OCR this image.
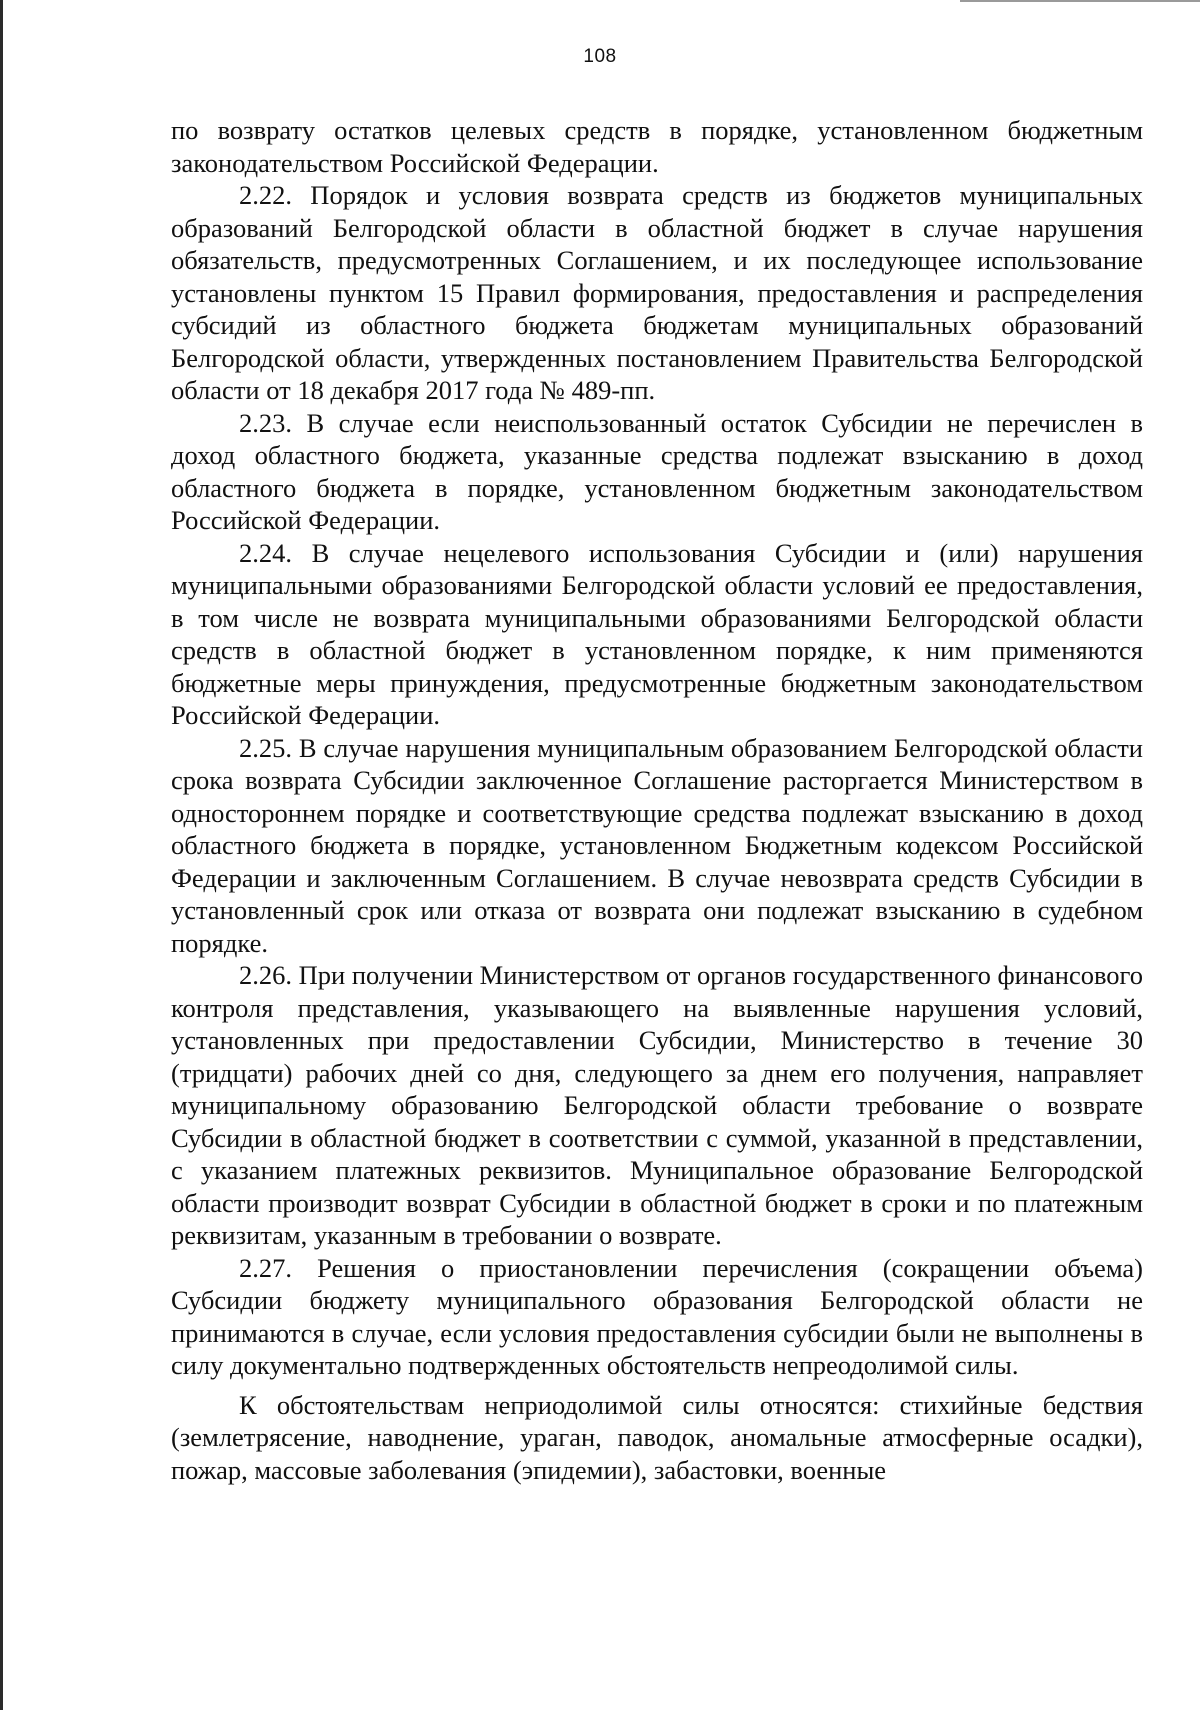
108

по возврату остатков целевых средств в порядке, установленном бюджетным законодательством Российской Федерации.

2.22. Порядок и условия возврата средств из бюджетов муниципальных образований Белгородской области в областной бюджет в случае нарушения обязательств, предусмотренных Соглашением, и их последующее использование установлены пунктом 15 Правил формирования, предоставления и распределения субсидий из областного бюджета бюджетам муниципальных образований Белгородской области, утвержденных постановлением Правительства Белгородской области от 18 декабря 2017 года № 489-пп.

2.23. В случае если неиспользованный остаток Субсидии не перечислен в доход областного бюджета, указанные средства подлежат взысканию в доход областного бюджета в порядке, установленном бюджетным законодательством Российской Федерации.

2.24. В случае нецелевого использования Субсидии и (или) нарушения муниципальными образованиями Белгородской области условий ее предоставления, в том числе не возврата муниципальными образованиями Белгородской области средств в областной бюджет в установленном порядке, к ним применяются бюджетные меры принуждения, предусмотренные бюджетным законодательством Российской Федерации.

2.25. В случае нарушения муниципальным образованием Белгородской области срока возврата Субсидии заключенное Соглашение расторгается Министерством в одностороннем порядке и соответствующие средства подлежат взысканию в доход областного бюджета в порядке, установленном Бюджетным кодексом Российской Федерации и заключенным Соглашением. В случае невозврата средств Субсидии в установленный срок или отказа от возврата они подлежат взысканию в судебном порядке.

2.26. При получении Министерством от органов государственного финансового контроля представления, указывающего на выявленные нарушения условий, установленных при предоставлении Субсидии, Министерство в течение 30 (тридцати) рабочих дней со дня, следующего за днем его получения, направляет муниципальному образованию Белгородской области требование о возврате Субсидии в областной бюджет в соответствии с суммой, указанной в представлении, с указанием платежных реквизитов. Муниципальное образование Белгородской области производит возврат Субсидии в областной бюджет в сроки и по платежным реквизитам, указанным в требовании о возврате.

2.27. Решения о приостановлении перечисления (сокращении объема) Субсидии бюджету муниципального образования Белгородской области не принимаются в случае, если условия предоставления субсидии были не выполнены в силу документально подтвержденных обстоятельств непреодолимой силы.

К обстоятельствам неприодолимой силы относятся: стихийные бедствия (землетрясение, наводнение, ураган, паводок, аномальные атмосферные осадки), пожар, массовые заболевания (эпидемии), забастовки, военные
